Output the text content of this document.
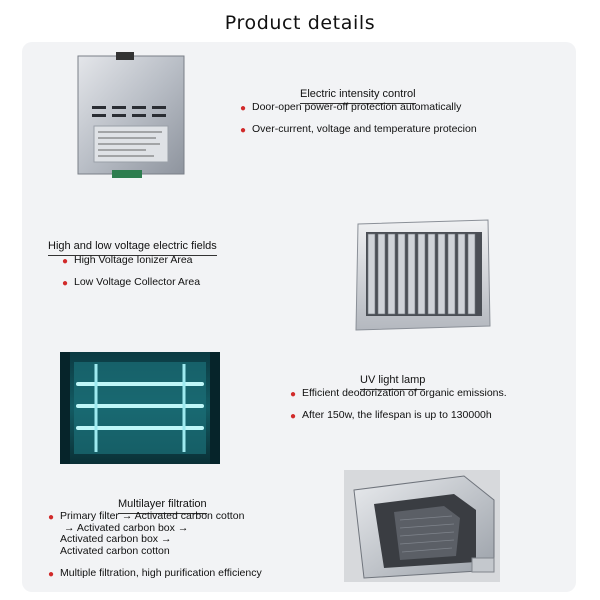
Product details
Electric intensity control
● Door-open power-off protection automatically
● Over-current, voltage and temperature protecion
High and low voltage electric fields
● High Voltage Ionizer Area
● Low Voltage Collector Area
UV light lamp
● Efficient deodorization of organic emissions.
● After 150w, the lifespan is up to 130000h
Multilayer filtration
● Primary filter → Activated carbon cotton
→ Activated carbon box →
Activated carbon box →
Activated carbon cotton
● Multiple filtration, high purification efficiency
